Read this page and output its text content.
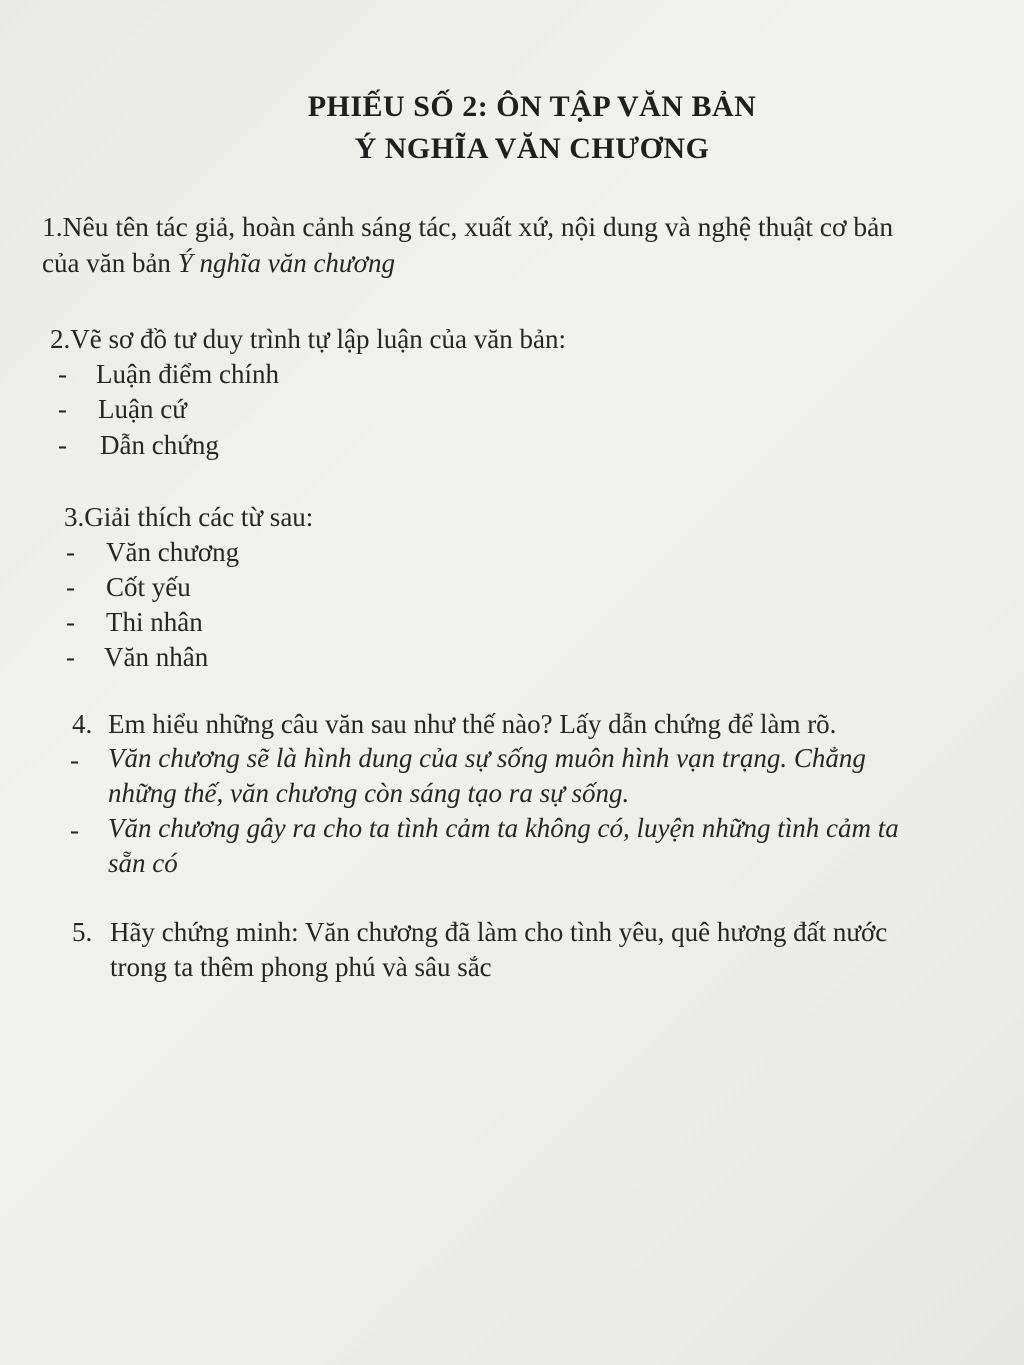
PHIẾU SỐ 2: ÔN TẬP VĂN BẢN
Ý NGHĨA VĂN CHƯƠNG
1.Nêu tên tác giả, hoàn cảnh sáng tác, xuất xứ, nội dung và nghệ thuật cơ bản
của văn bản Ý nghĩa văn chương
2.Vẽ sơ đồ tư duy trình tự lập luận của văn bản:
- Luận điểm chính
- Luận cứ
- Dẫn chứng
3.Giải thích các từ sau:
- Văn chương
- Cốt yếu
- Thi nhân
- Văn nhân
4. Em hiểu những câu văn sau như thế nào? Lấy dẫn chứng để làm rõ.
- Văn chương sẽ là hình dung của sự sống muôn hình vạn trạng. Chẳng
những thế, văn chương còn sáng tạo ra sự sống.
- Văn chương gây ra cho ta tình cảm ta không có, luyện những tình cảm ta
sẵn có
5. Hãy chứng minh: Văn chương đã làm cho tình yêu, quê hương đất nước
trong ta thêm phong phú và sâu sắc
